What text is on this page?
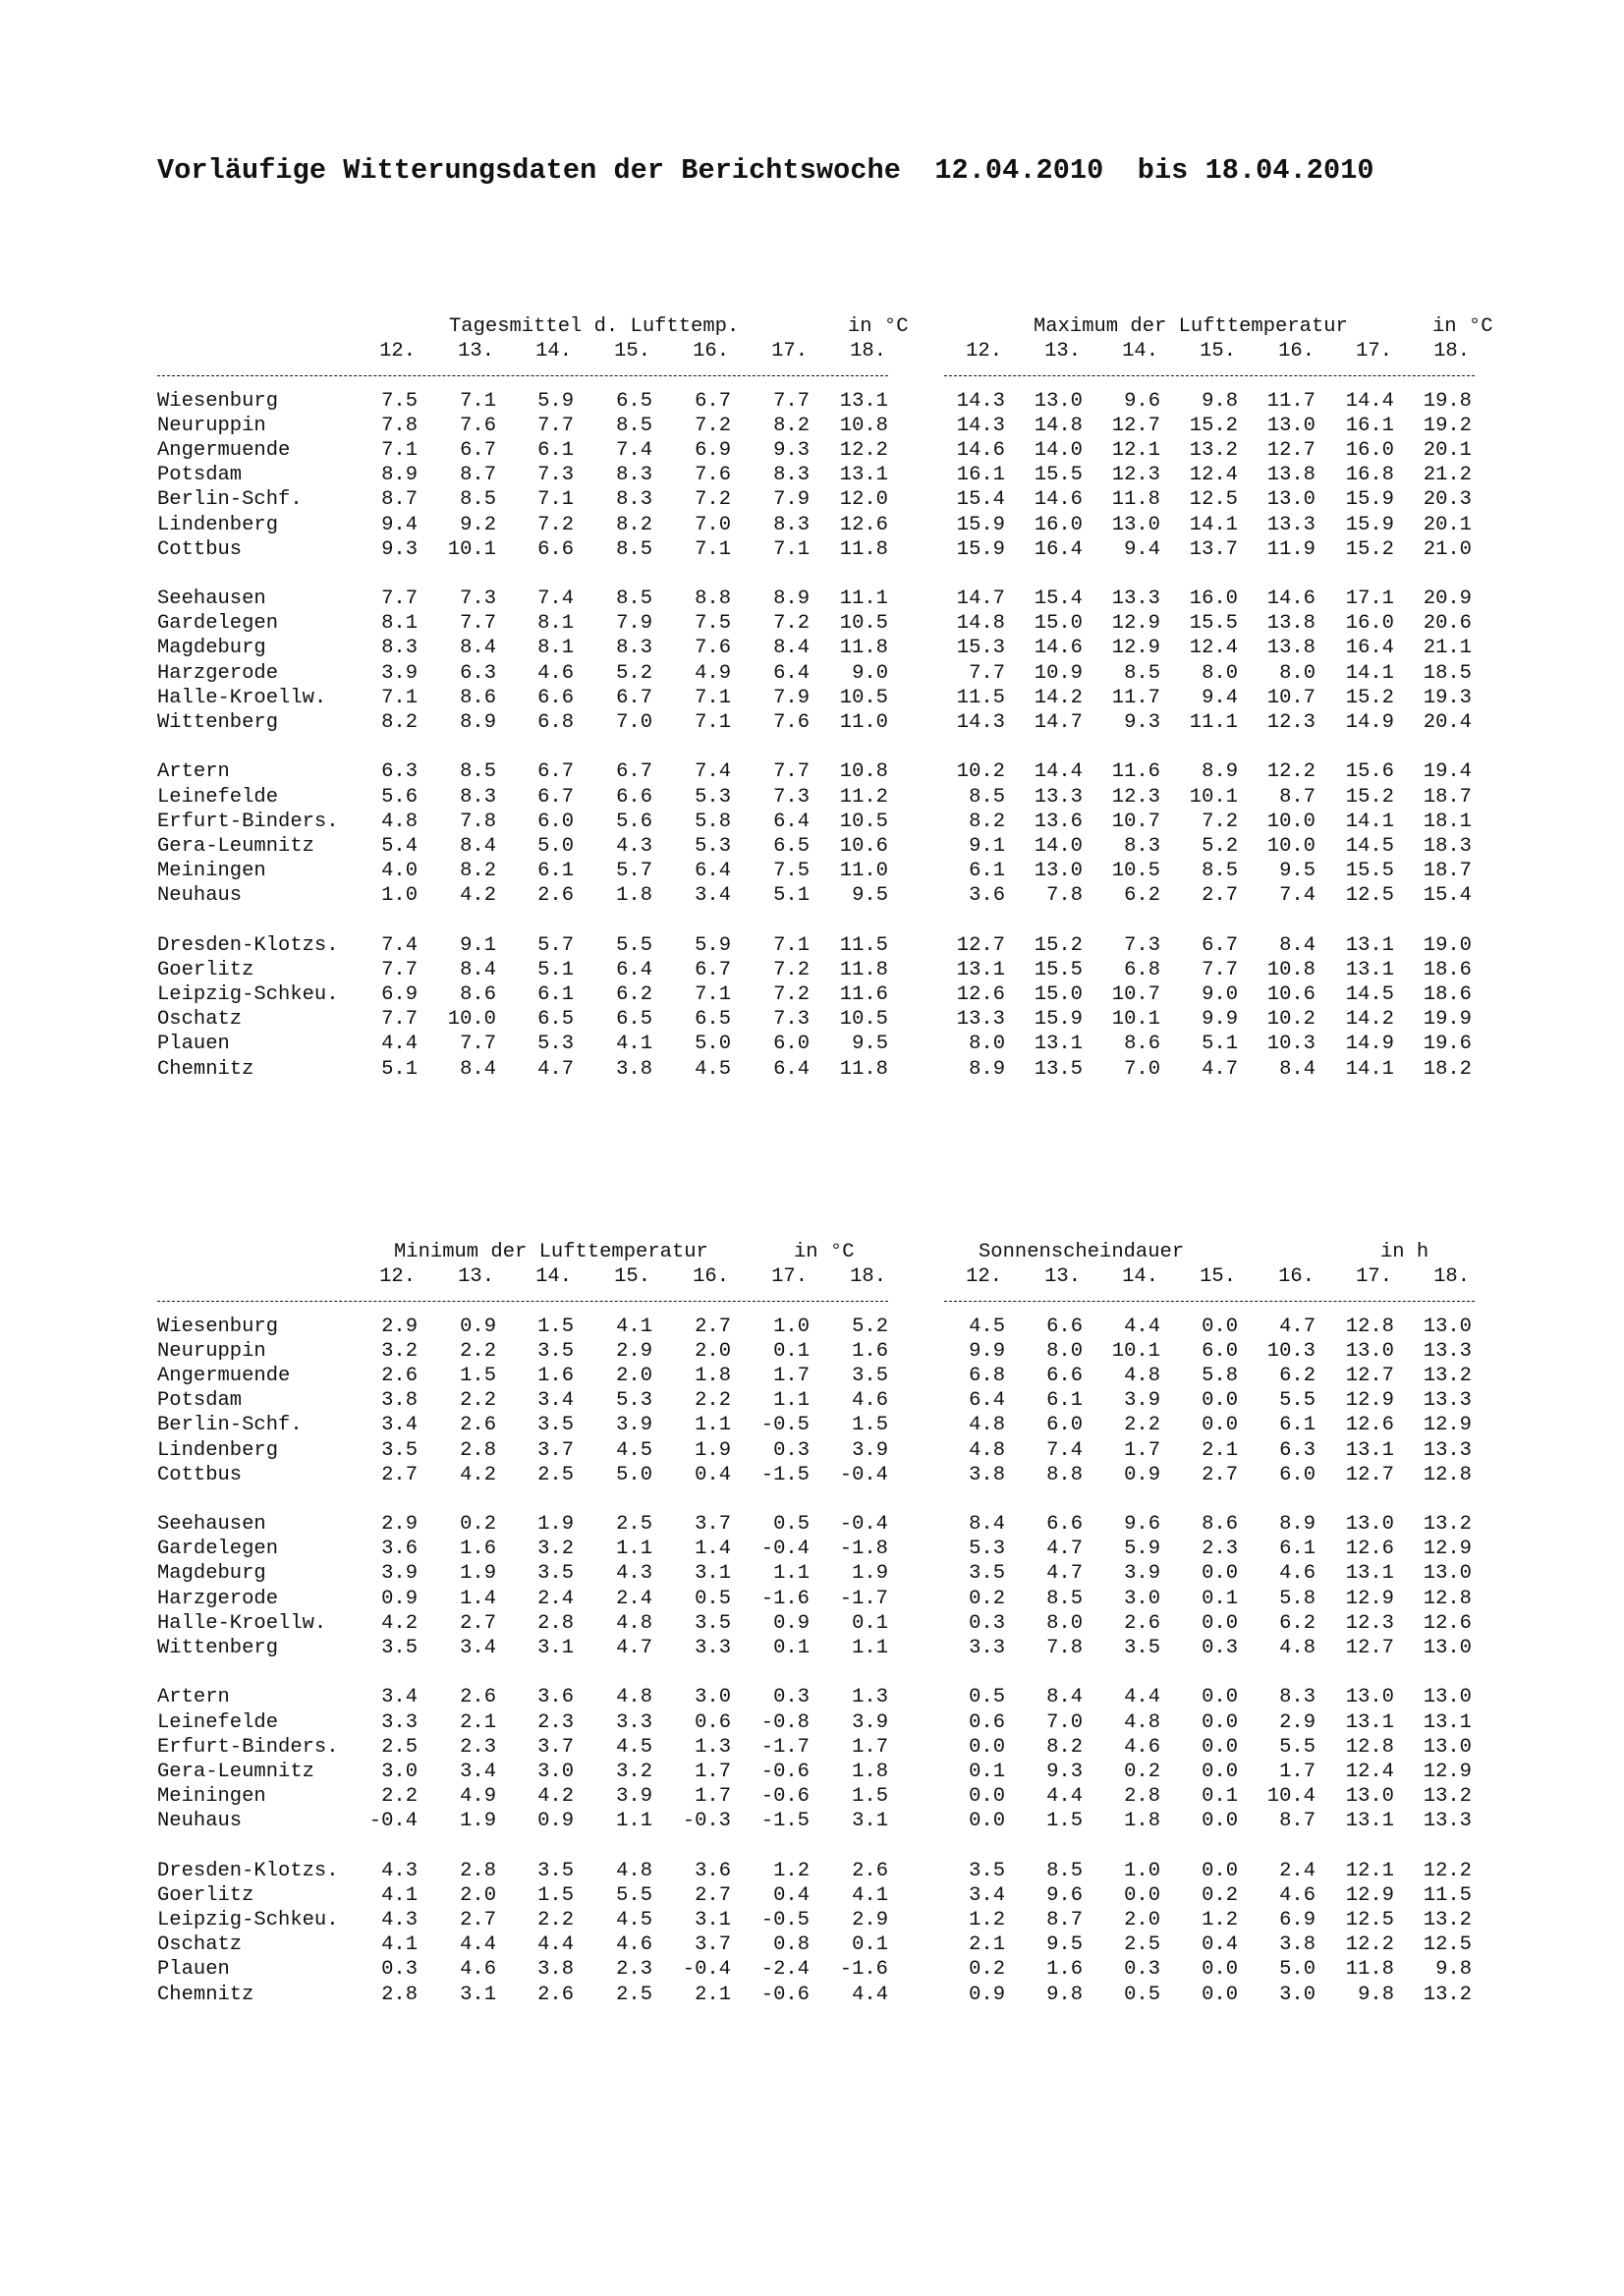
Vorläufige Witterungsdaten der Berichtswoche  12.04.2010  bis 18.04.2010
Tagesmittel d. Lufttemp.	in °C	Maximum der Lufttemperatur	in °C
12.	13.	14.	15.	16.	17.	18.	12.	13.	14.	15.	16.	17.	18.
Wiesenburg	7.5	7.1	5.9	6.5	6.7	7.7	13.1	14.3	13.0	9.6	9.8	11.7	14.4	19.8
Neuruppin	7.8	7.6	7.7	8.5	7.2	8.2	10.8	14.3	14.8	12.7	15.2	13.0	16.1	19.2
Angermuende	7.1	6.7	6.1	7.4	6.9	9.3	12.2	14.6	14.0	12.1	13.2	12.7	16.0	20.1
Potsdam	8.9	8.7	7.3	8.3	7.6	8.3	13.1	16.1	15.5	12.3	12.4	13.8	16.8	21.2
Berlin-Schf.	8.7	8.5	7.1	8.3	7.2	7.9	12.0	15.4	14.6	11.8	12.5	13.0	15.9	20.3
Lindenberg	9.4	9.2	7.2	8.2	7.0	8.3	12.6	15.9	16.0	13.0	14.1	13.3	15.9	20.1
Cottbus	9.3	10.1	6.6	8.5	7.1	7.1	11.8	15.9	16.4	9.4	13.7	11.9	15.2	21.0
Seehausen	7.7	7.3	7.4	8.5	8.8	8.9	11.1	14.7	15.4	13.3	16.0	14.6	17.1	20.9
Gardelegen	8.1	7.7	8.1	7.9	7.5	7.2	10.5	14.8	15.0	12.9	15.5	13.8	16.0	20.6
Magdeburg	8.3	8.4	8.1	8.3	7.6	8.4	11.8	15.3	14.6	12.9	12.4	13.8	16.4	21.1
Harzgerode	3.9	6.3	4.6	5.2	4.9	6.4	9.0	7.7	10.9	8.5	8.0	8.0	14.1	18.5
Halle-Kroellw.	7.1	8.6	6.6	6.7	7.1	7.9	10.5	11.5	14.2	11.7	9.4	10.7	15.2	19.3
Wittenberg	8.2	8.9	6.8	7.0	7.1	7.6	11.0	14.3	14.7	9.3	11.1	12.3	14.9	20.4
Artern	6.3	8.5	6.7	6.7	7.4	7.7	10.8	10.2	14.4	11.6	8.9	12.2	15.6	19.4
Leinefelde	5.6	8.3	6.7	6.6	5.3	7.3	11.2	8.5	13.3	12.3	10.1	8.7	15.2	18.7
Erfurt-Binders.	4.8	7.8	6.0	5.6	5.8	6.4	10.5	8.2	13.6	10.7	7.2	10.0	14.1	18.1
Gera-Leumnitz	5.4	8.4	5.0	4.3	5.3	6.5	10.6	9.1	14.0	8.3	5.2	10.0	14.5	18.3
Meiningen	4.0	8.2	6.1	5.7	6.4	7.5	11.0	6.1	13.0	10.5	8.5	9.5	15.5	18.7
Neuhaus	1.0	4.2	2.6	1.8	3.4	5.1	9.5	3.6	7.8	6.2	2.7	7.4	12.5	15.4
Dresden-Klotzs.	7.4	9.1	5.7	5.5	5.9	7.1	11.5	12.7	15.2	7.3	6.7	8.4	13.1	19.0
Goerlitz	7.7	8.4	5.1	6.4	6.7	7.2	11.8	13.1	15.5	6.8	7.7	10.8	13.1	18.6
Leipzig-Schkeu.	6.9	8.6	6.1	6.2	7.1	7.2	11.6	12.6	15.0	10.7	9.0	10.6	14.5	18.6
Oschatz	7.7	10.0	6.5	6.5	6.5	7.3	10.5	13.3	15.9	10.1	9.9	10.2	14.2	19.9
Plauen	4.4	7.7	5.3	4.1	5.0	6.0	9.5	8.0	13.1	8.6	5.1	10.3	14.9	19.6
Chemnitz	5.1	8.4	4.7	3.8	4.5	6.4	11.8	8.9	13.5	7.0	4.7	8.4	14.1	18.2
Minimum der Lufttemperatur	in °C	Sonnenscheindauer	in h
12.	13.	14.	15.	16.	17.	18.	12.	13.	14.	15.	16.	17.	18.
Wiesenburg	2.9	0.9	1.5	4.1	2.7	1.0	5.2	4.5	6.6	4.4	0.0	4.7	12.8	13.0
Neuruppin	3.2	2.2	3.5	2.9	2.0	0.1	1.6	9.9	8.0	10.1	6.0	10.3	13.0	13.3
Angermuende	2.6	1.5	1.6	2.0	1.8	1.7	3.5	6.8	6.6	4.8	5.8	6.2	12.7	13.2
Potsdam	3.8	2.2	3.4	5.3	2.2	1.1	4.6	6.4	6.1	3.9	0.0	5.5	12.9	13.3
Berlin-Schf.	3.4	2.6	3.5	3.9	1.1	-0.5	1.5	4.8	6.0	2.2	0.0	6.1	12.6	12.9
Lindenberg	3.5	2.8	3.7	4.5	1.9	0.3	3.9	4.8	7.4	1.7	2.1	6.3	13.1	13.3
Cottbus	2.7	4.2	2.5	5.0	0.4	-1.5	-0.4	3.8	8.8	0.9	2.7	6.0	12.7	12.8
Seehausen	2.9	0.2	1.9	2.5	3.7	0.5	-0.4	8.4	6.6	9.6	8.6	8.9	13.0	13.2
Gardelegen	3.6	1.6	3.2	1.1	1.4	-0.4	-1.8	5.3	4.7	5.9	2.3	6.1	12.6	12.9
Magdeburg	3.9	1.9	3.5	4.3	3.1	1.1	1.9	3.5	4.7	3.9	0.0	4.6	13.1	13.0
Harzgerode	0.9	1.4	2.4	2.4	0.5	-1.6	-1.7	0.2	8.5	3.0	0.1	5.8	12.9	12.8
Halle-Kroellw.	4.2	2.7	2.8	4.8	3.5	0.9	0.1	0.3	8.0	2.6	0.0	6.2	12.3	12.6
Wittenberg	3.5	3.4	3.1	4.7	3.3	0.1	1.1	3.3	7.8	3.5	0.3	4.8	12.7	13.0
Artern	3.4	2.6	3.6	4.8	3.0	0.3	1.3	0.5	8.4	4.4	0.0	8.3	13.0	13.0
Leinefelde	3.3	2.1	2.3	3.3	0.6	-0.8	3.9	0.6	7.0	4.8	0.0	2.9	13.1	13.1
Erfurt-Binders.	2.5	2.3	3.7	4.5	1.3	-1.7	1.7	0.0	8.2	4.6	0.0	5.5	12.8	13.0
Gera-Leumnitz	3.0	3.4	3.0	3.2	1.7	-0.6	1.8	0.1	9.3	0.2	0.0	1.7	12.4	12.9
Meiningen	2.2	4.9	4.2	3.9	1.7	-0.6	1.5	0.0	4.4	2.8	0.1	10.4	13.0	13.2
Neuhaus	-0.4	1.9	0.9	1.1	-0.3	-1.5	3.1	0.0	1.5	1.8	0.0	8.7	13.1	13.3
Dresden-Klotzs.	4.3	2.8	3.5	4.8	3.6	1.2	2.6	3.5	8.5	1.0	0.0	2.4	12.1	12.2
Goerlitz	4.1	2.0	1.5	5.5	2.7	0.4	4.1	3.4	9.6	0.0	0.2	4.6	12.9	11.5
Leipzig-Schkeu.	4.3	2.7	2.2	4.5	3.1	-0.5	2.9	1.2	8.7	2.0	1.2	6.9	12.5	13.2
Oschatz	4.1	4.4	4.4	4.6	3.7	0.8	0.1	2.1	9.5	2.5	0.4	3.8	12.2	12.5
Plauen	0.3	4.6	3.8	2.3	-0.4	-2.4	-1.6	0.2	1.6	0.3	0.0	5.0	11.8	9.8
Chemnitz	2.8	3.1	2.6	2.5	2.1	-0.6	4.4	0.9	9.8	0.5	0.0	3.0	9.8	13.2
